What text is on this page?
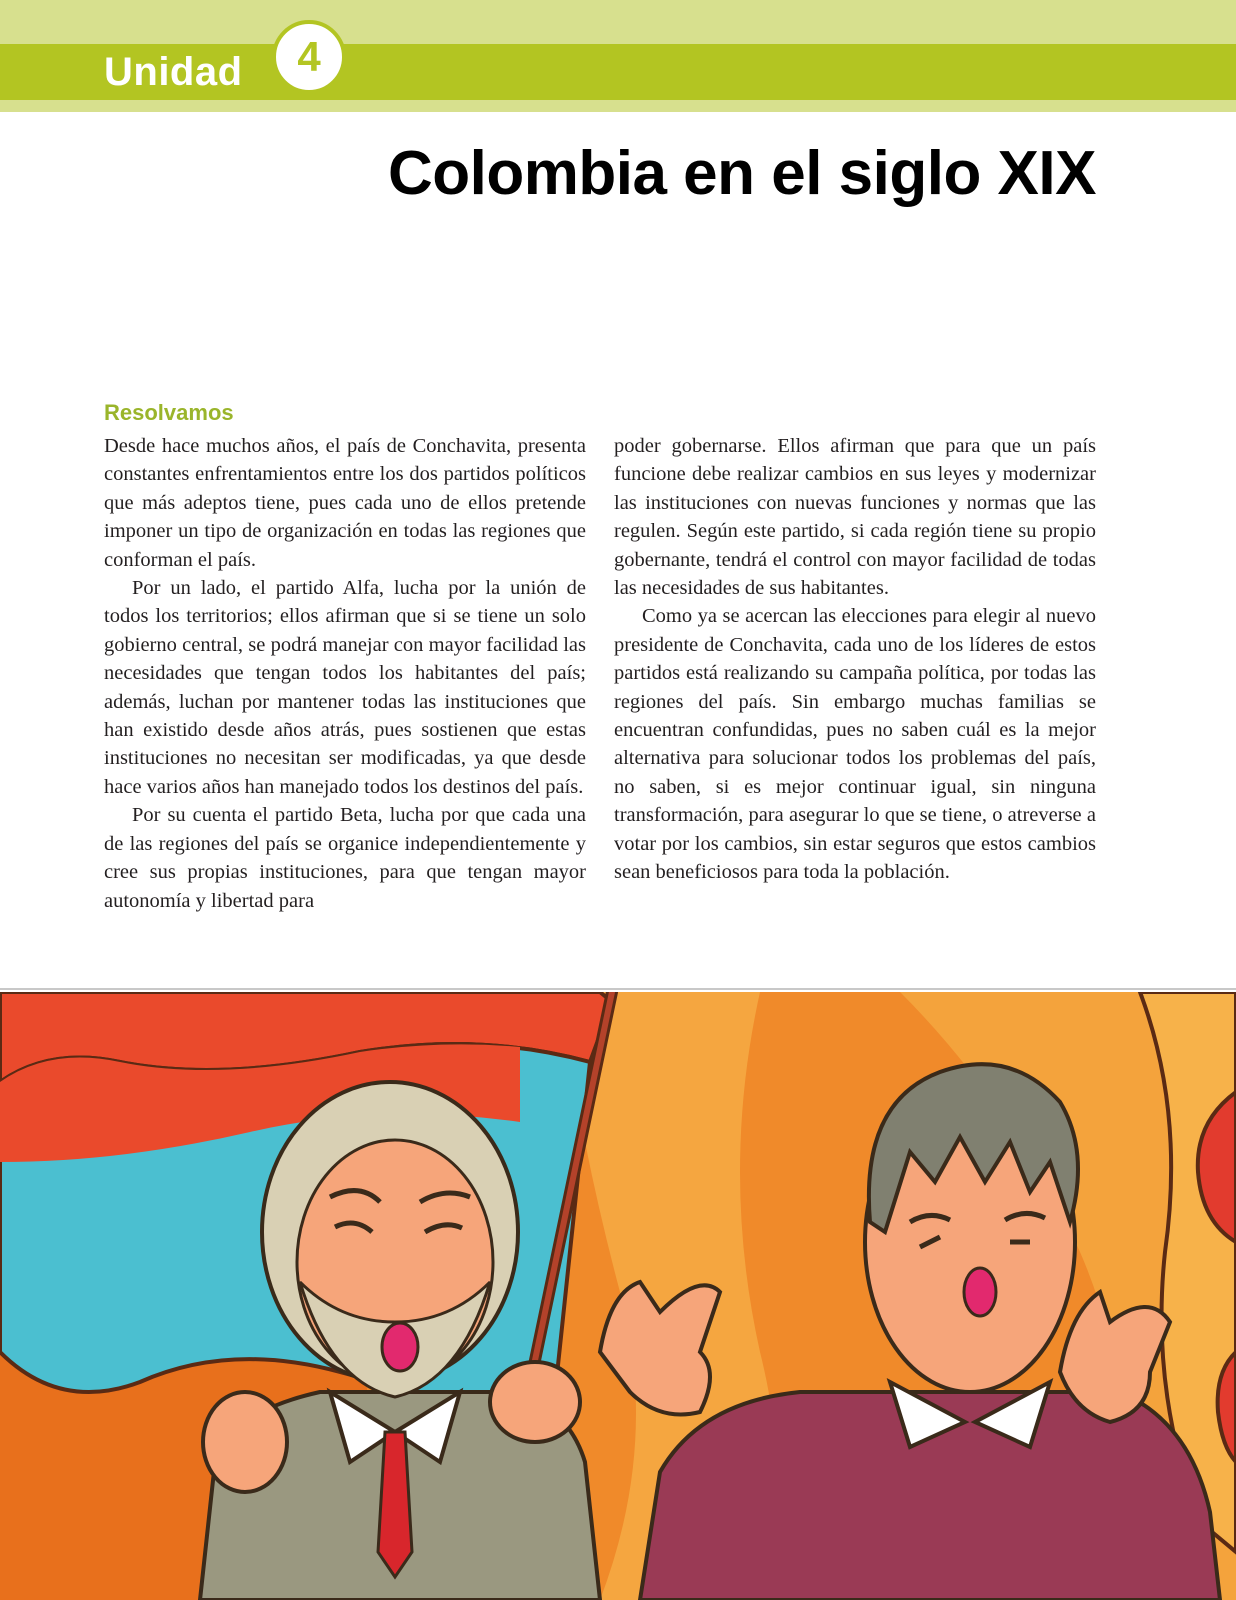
Unidad 4
Colombia en el siglo XIX
Resolvamos

Desde hace muchos años, el país de Conchavita, presenta constantes enfrentamientos entre los dos partidos políticos que más adeptos tiene, pues cada uno de ellos pretende imponer un tipo de organización en todas las regiones que conforman el país.

Por un lado, el partido Alfa, lucha por la unión de todos los territorios; ellos afirman que si se tiene un solo gobierno central, se podrá manejar con mayor facilidad las necesidades que tengan todos los habitantes del país; además, luchan por mantener todas las instituciones que han existido desde años atrás, pues sostienen que estas instituciones no necesitan ser modificadas, ya que desde hace varios años han manejado todos los destinos del país.

Por su cuenta el partido Beta, lucha por que cada una de las regiones del país se organice independientemente y cree sus propias instituciones, para que tengan mayor autonomía y libertad para

poder gobernarse. Ellos afirman que para que un país funcione debe realizar cambios en sus leyes y modernizar las instituciones con nuevas funciones y normas que las regulen. Según este partido, si cada región tiene su propio gobernante, tendrá el control con mayor facilidad de todas las necesidades de sus habitantes.

Como ya se acercan las elecciones para elegir al nuevo presidente de Conchavita, cada uno de los líderes de estos partidos está realizando su campaña política, por todas las regiones del país. Sin embargo muchas familias se encuentran confundidas, pues no saben cuál es la mejor alternativa para solucionar todos los problemas del país, no saben, si es mejor continuar igual, sin ninguna transformación, para asegurar lo que se tiene, o atreverse a votar por los cambios, sin estar seguros que estos cambios sean beneficiosos para toda la población.
